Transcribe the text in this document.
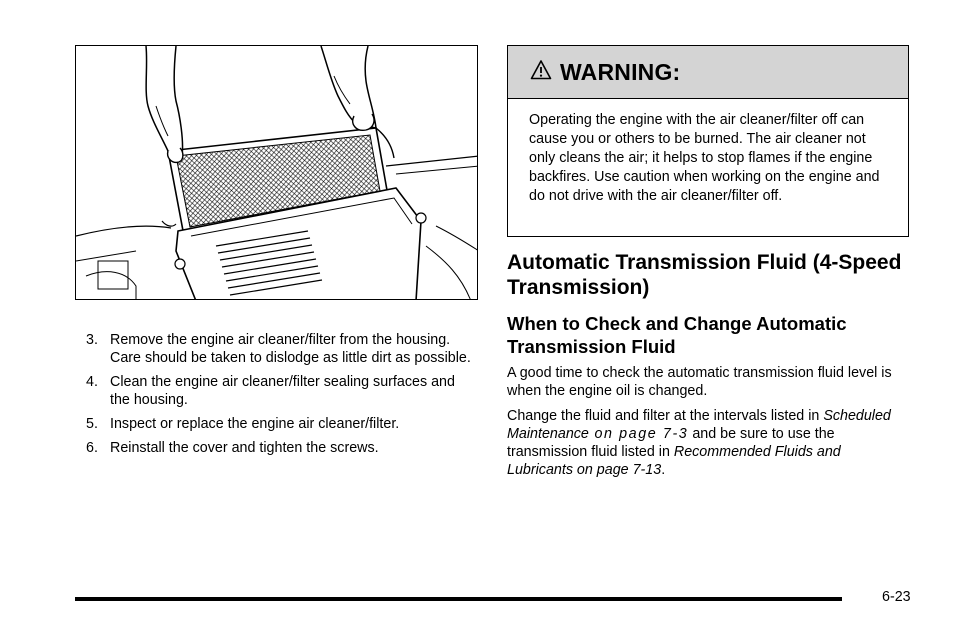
3. Remove the engine air cleaner/filter from the housing. Care should be taken to dislodge as little dirt as possible.
4. Clean the engine air cleaner/filter sealing surfaces and the housing.
5. Inspect or replace the engine air cleaner/filter.
6. Reinstall the cover and tighten the screws.
WARNING:
Operating the engine with the air cleaner/filter off can cause you or others to be burned. The air cleaner not only cleans the air; it helps to stop flames if the engine backfires. Use caution when working on the engine and do not drive with the air cleaner/filter off.
Automatic Transmission Fluid (4-Speed Transmission)
When to Check and Change Automatic Transmission Fluid

A good time to check the automatic transmission fluid level is when the engine oil is changed.

Change the fluid and filter at the intervals listed in Scheduled Maintenance on page 7-3 and be sure to use the transmission fluid listed in Recommended Fluids and Lubricants on page 7-13.

6-23
